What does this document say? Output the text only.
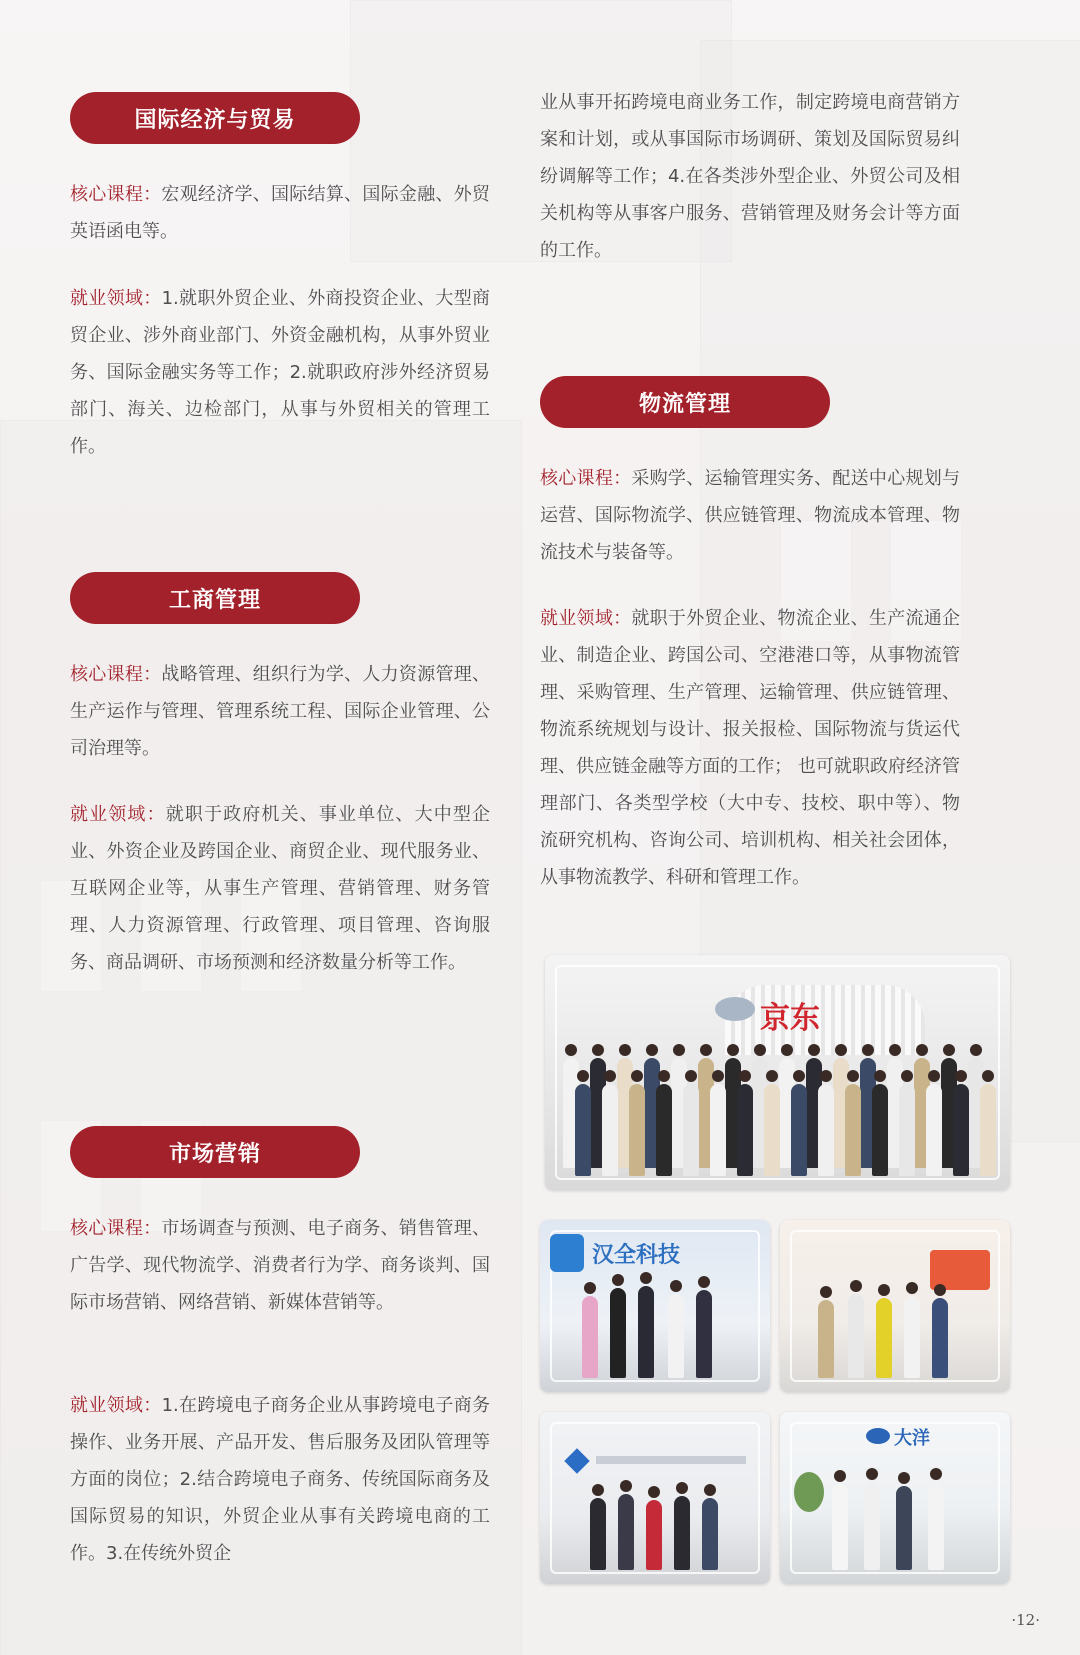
国际经济与贸易
核心课程：宏观经济学、国际结算、国际金融、外贸英语函电等。
就业领域：1.就职外贸企业、外商投资企业、大型商贸企业、涉外商业部门、外资金融机构，从事外贸业务、国际金融实务等工作；2.就职政府涉外经济贸易部门、海关、边检部门，从事与外贸相关的管理工作。
工商管理
核心课程：战略管理、组织行为学、人力资源管理、生产运作与管理、管理系统工程、国际企业管理、公司治理等。
就业领域：就职于政府机关、事业单位、大中型企业、外资企业及跨国企业、商贸企业、现代服务业、互联网企业等，从事生产管理、营销管理、财务管理、人力资源管理、行政管理、项目管理、咨询服务、商品调研、市场预测和经济数量分析等工作。
市场营销
核心课程：市场调查与预测、电子商务、销售管理、广告学、现代物流学、消费者行为学、商务谈判、国际市场营销、网络营销、新媒体营销等。
就业领域：1.在跨境电子商务企业从事跨境电子商务操作、业务开展、产品开发、售后服务及团队管理等方面的岗位；2.结合跨境电子商务、传统国际商务及国际贸易的知识，外贸企业从事有关跨境电商的工作。3.在传统外贸企
业从事开拓跨境电商业务工作，制定跨境电商营销方案和计划，或从事国际市场调研、策划及国际贸易纠纷调解等工作；4.在各类涉外型企业、外贸公司及相关机构等从事客户服务、营销管理及财务会计等方面的工作。
物流管理
核心课程：采购学、运输管理实务、配送中心规划与运营、国际物流学、供应链管理、物流成本管理、物流技术与装备等。
就业领域：就职于外贸企业、物流企业、生产流通企业、制造企业、跨国公司、空港港口等，从事物流管理、采购管理、生产管理、运输管理、供应链管理、物流系统规划与设计、报关报检、国际物流与货运代理、供应链金融等方面的工作； 也可就职政府经济管理部门、各类型学校（大中专、技校、职中等）、物流研究机构、咨询公司、培训机构、相关社会团体，从事物流教学、科研和管理工作。
京东
汉全科技
大洋
·12·
